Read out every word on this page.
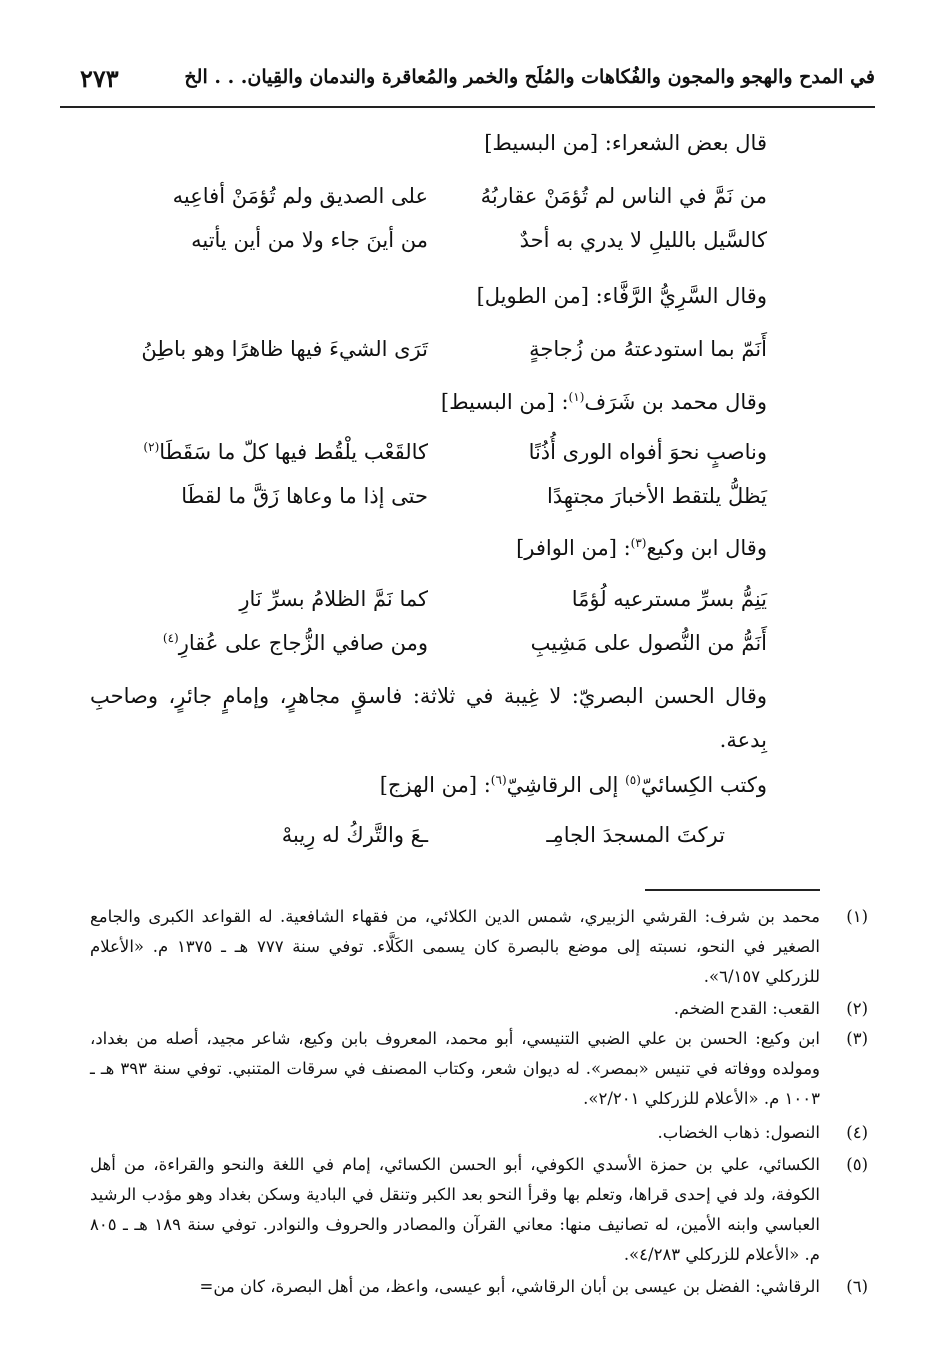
٢٧٣	في المدح والهجو والمجون والفُكاهات والمُلَح والخمر والمُعاقرة والندمان والقِيان. . . الخ
قال بعض الشعراء: [من البسيط]
من نَمَّ في الناس لم تُؤمَنْ عقاربُهُ
على الصديق ولم تُؤمَنْ أفاعِيه
كالسَّيل بالليلِ لا يدري به أحدٌ
من أينَ جاء ولا من أين يأتيه
وقال السَّرِيُّ الرَّفَّاء: [من الطويل]
أَنَمّ بما استودعتهُ من زُجاجةٍ
تَرَى الشيءَ فيها ظاهرًا وهو باطِنُ
وقال محمد بن شَرَف$^{(١)}$: [من البسيط]
وناصبٍ نحوَ أفواه الورى أُذُنًا
كالقَعْب يلْقُط فيها كلّ ما سَقَطَا$^{(٢)}$
يَظلُّ يلتقط الأخبارَ مجتهِدًا
حتى إذا ما وعاها زَقَّ ما لقطَا
وقال ابن وكيع$^{(٣)}$: [من الوافر]
يَنِمُّ بسرِّ مسترعيه لُؤمًا
كما نَمَّ الظلامُ بسرِّ نَارِ
أَنَمُّ من النُّصول على مَشِيبِ
ومن صافي الزُّجاج على عُقارِ$^{(٤)}$
وقال الحسن البصريّ: لا غِيبة في ثلاثة: فاسقٍ مجاهرٍ، وإمامٍ جائرٍ، وصاحبِ بِدعة.
وكتب الكِسائيّ$^{(٥)}$ إلى الرقاشِيّ$^{(٦)}$: [من الهزج]
تركتَ المسجدَ الجامِـ
ـعَ والتَّركُ له رِيبهْ
(١)
محمد بن شرف: القرشي الزبيري، شمس الدين الكلائي، من فقهاء الشافعية. له القواعد الكبرى والجامع الصغير في النحو، نسبته إلى موضع بالبصرة كان يسمى الكَلَّاء. توفي سنة ٧٧٧ هـ ـ ١٣٧٥ م. «الأعلام للزركلي ٦/١٥٧».
(٢)
القعب: القدح الضخم.
(٣)
ابن وكيع: الحسن بن علي الضبي التنيسي، أبو محمد، المعروف بابن وكيع، شاعر مجيد، أصله من بغداد، ومولده ووفاته في تنيس «بمصر». له ديوان شعر، وكتاب المصنف في سرقات المتنبي. توفي سنة ٣٩٣ هـ ـ ١٠٠٣ م. «الأعلام للزركلي ٢/٢٠١».
(٤)
النصول: ذهاب الخضاب.
(٥)
الكسائي، علي بن حمزة الأسدي الكوفي، أبو الحسن الكسائي، إمام في اللغة والنحو والقراءة، من أهل الكوفة، ولد في إحدى قراها، وتعلم بها وقرأ النحو بعد الكبر وتنقل في البادية وسكن بغداد وهو مؤدب الرشيد العباسي وابنه الأمين، له تصانيف منها: معاني القرآن والمصادر والحروف والنوادر. توفي سنة ١٨٩ هـ ـ ٨٠٥ م. «الأعلام للزركلي ٤/٢٨٣».
(٦)
الرقاشي: الفضل بن عيسى بن أبان الرقاشي، أبو عيسى، واعظ، من أهل البصرة، كان من=
